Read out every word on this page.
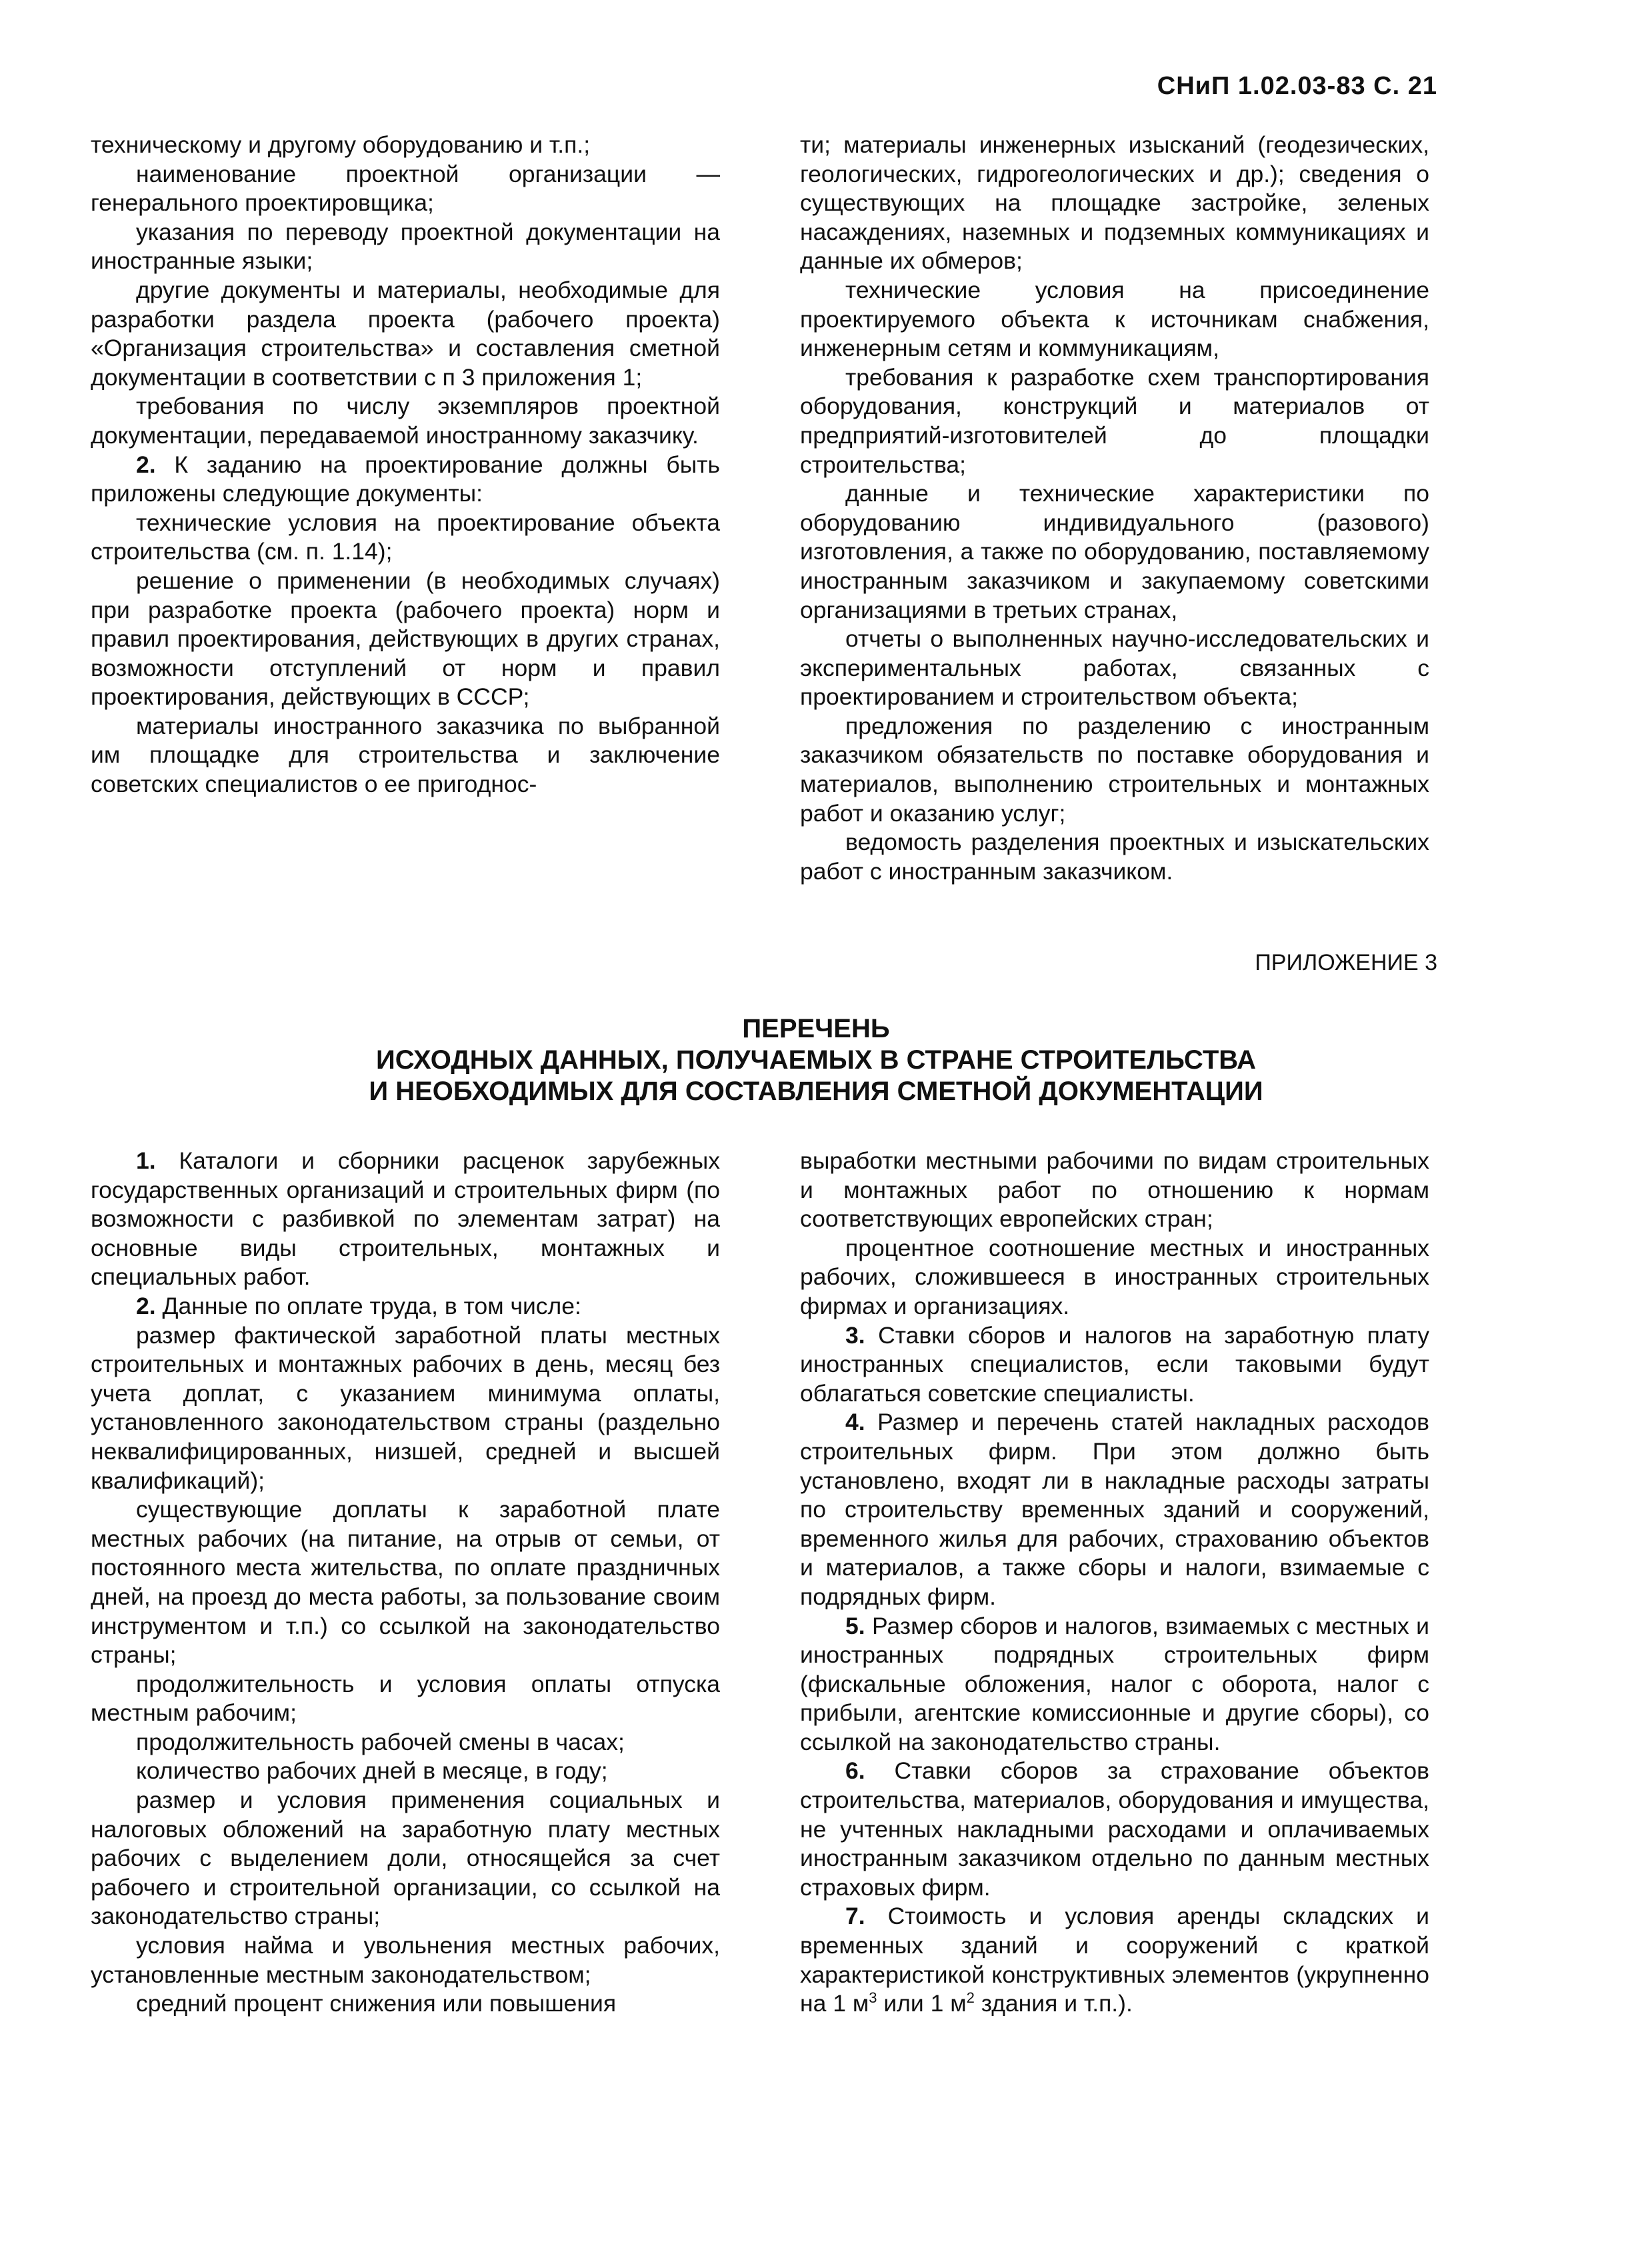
СНиП 1.02.03-83 С. 21

техническому и другому оборудованию и т.п.;

наименование проектной организации — генерального проектировщика;

указания по переводу проектной документации на иностранные языки;

другие документы и материалы, необходимые для разработки раздела проекта (рабочего проекта) «Организация строительства» и составления сметной документации в соответствии с п 3 приложения 1;

требования по числу экземпляров проектной документации, передаваемой иностранному заказчику.

2. К заданию на проектирование должны быть приложены следующие документы:

технические условия на проектирование объекта строительства (см. п. 1.14);

решение о применении (в необходимых случаях) при разработке проекта (рабочего проекта) норм и правил проектирования, действующих в других странах, возможности отступлений от норм и правил проектирования, действующих в СССР;

материалы иностранного заказчика по выбранной им площадке для строительства и заключение советских специалистов о ее пригоднос-

ти; материалы инженерных изысканий (геодезических, геологических, гидрогеологических и др.); сведения о существующих на площадке застройке, зеленых насаждениях, наземных и подземных коммуникациях и данные их обмеров;

технические условия на присоединение проектируемого объекта к источникам снабжения, инженерным сетям и коммуникациям,

требования к разработке схем транспортирования оборудования, конструкций и материалов от предприятий-изготовителей до площадки строительства;

данные и технические характеристики по оборудованию индивидуального (разового) изготовления, а также по оборудованию, поставляемому иностранным заказчиком и закупаемому советскими организациями в третьих странах,

отчеты о выполненных научно-исследовательских и экспериментальных работах, связанных с проектированием и строительством объекта;

предложения по разделению с иностранным заказчиком обязательств по поставке оборудования и материалов, выполнению строительных и монтажных работ и оказанию услуг;

ведомость разделения проектных и изыскательских работ с иностранным заказчиком.

ПРИЛОЖЕНИЕ 3
ПЕРЕЧЕНЬ
ИСХОДНЫХ ДАННЫХ, ПОЛУЧАЕМЫХ В СТРАНЕ СТРОИТЕЛЬСТВА
И НЕОБХОДИМЫХ ДЛЯ СОСТАВЛЕНИЯ СМЕТНОЙ ДОКУМЕНТАЦИИ

1. Каталоги и сборники расценок зарубежных государственных организаций и строительных фирм (по возможности с разбивкой по элементам затрат) на основные виды строительных, монтажных и специальных работ.

2. Данные по оплате труда, в том числе:

размер фактической заработной платы местных строительных и монтажных рабочих в день, месяц без учета доплат, с указанием минимума оплаты, установленного законодательством страны (раздельно неквалифицированных, низшей, средней и высшей квалификаций);

существующие доплаты к заработной плате местных рабочих (на питание, на отрыв от семьи, от постоянного места жительства, по оплате праздничных дней, на проезд до места работы, за пользование своим инструментом и т.п.) со ссылкой на законодательство страны;

продолжительность и условия оплаты отпуска местным рабочим;

продолжительность рабочей смены в часах;

количество рабочих дней в месяце, в году;

размер и условия применения социальных и налоговых обложений на заработную плату местных рабочих с выделением доли, относящейся за счет рабочего и строительной организации, со ссылкой на законодательство страны;

условия найма и увольнения местных рабочих, установленные местным законодательством;

средний процент снижения или повышения

выработки местными рабочими по видам строительных и монтажных работ по отношению к нормам соответствующих европейских стран;

процентное соотношение местных и иностранных рабочих, сложившееся в иностранных строительных фирмах и организациях.

3. Ставки сборов и налогов на заработную плату иностранных специалистов, если таковыми будут облагаться советские специалисты.

4. Размер и перечень статей накладных расходов строительных фирм. При этом должно быть установлено, входят ли в накладные расходы затраты по строительству временных зданий и сооружений, временного жилья для рабочих, страхованию объектов и материалов, а также сборы и налоги, взимаемые с подрядных фирм.

5. Размер сборов и налогов, взимаемых с местных и иностранных подрядных строительных фирм (фискальные обложения, налог с оборота, налог с прибыли, агентские комиссионные и другие сборы), со ссылкой на законодательство страны.

6. Ставки сборов за страхование объектов строительства, материалов, оборудования и имущества, не учтенных накладными расходами и оплачиваемых иностранным заказчиком отдельно по данным местных страховых фирм.

7. Стоимость и условия аренды складских и временных зданий и сооружений с краткой характеристикой конструктивных элементов (укрупненно на 1 $м^3$ или 1 $м^2$ здания и т.п.).
